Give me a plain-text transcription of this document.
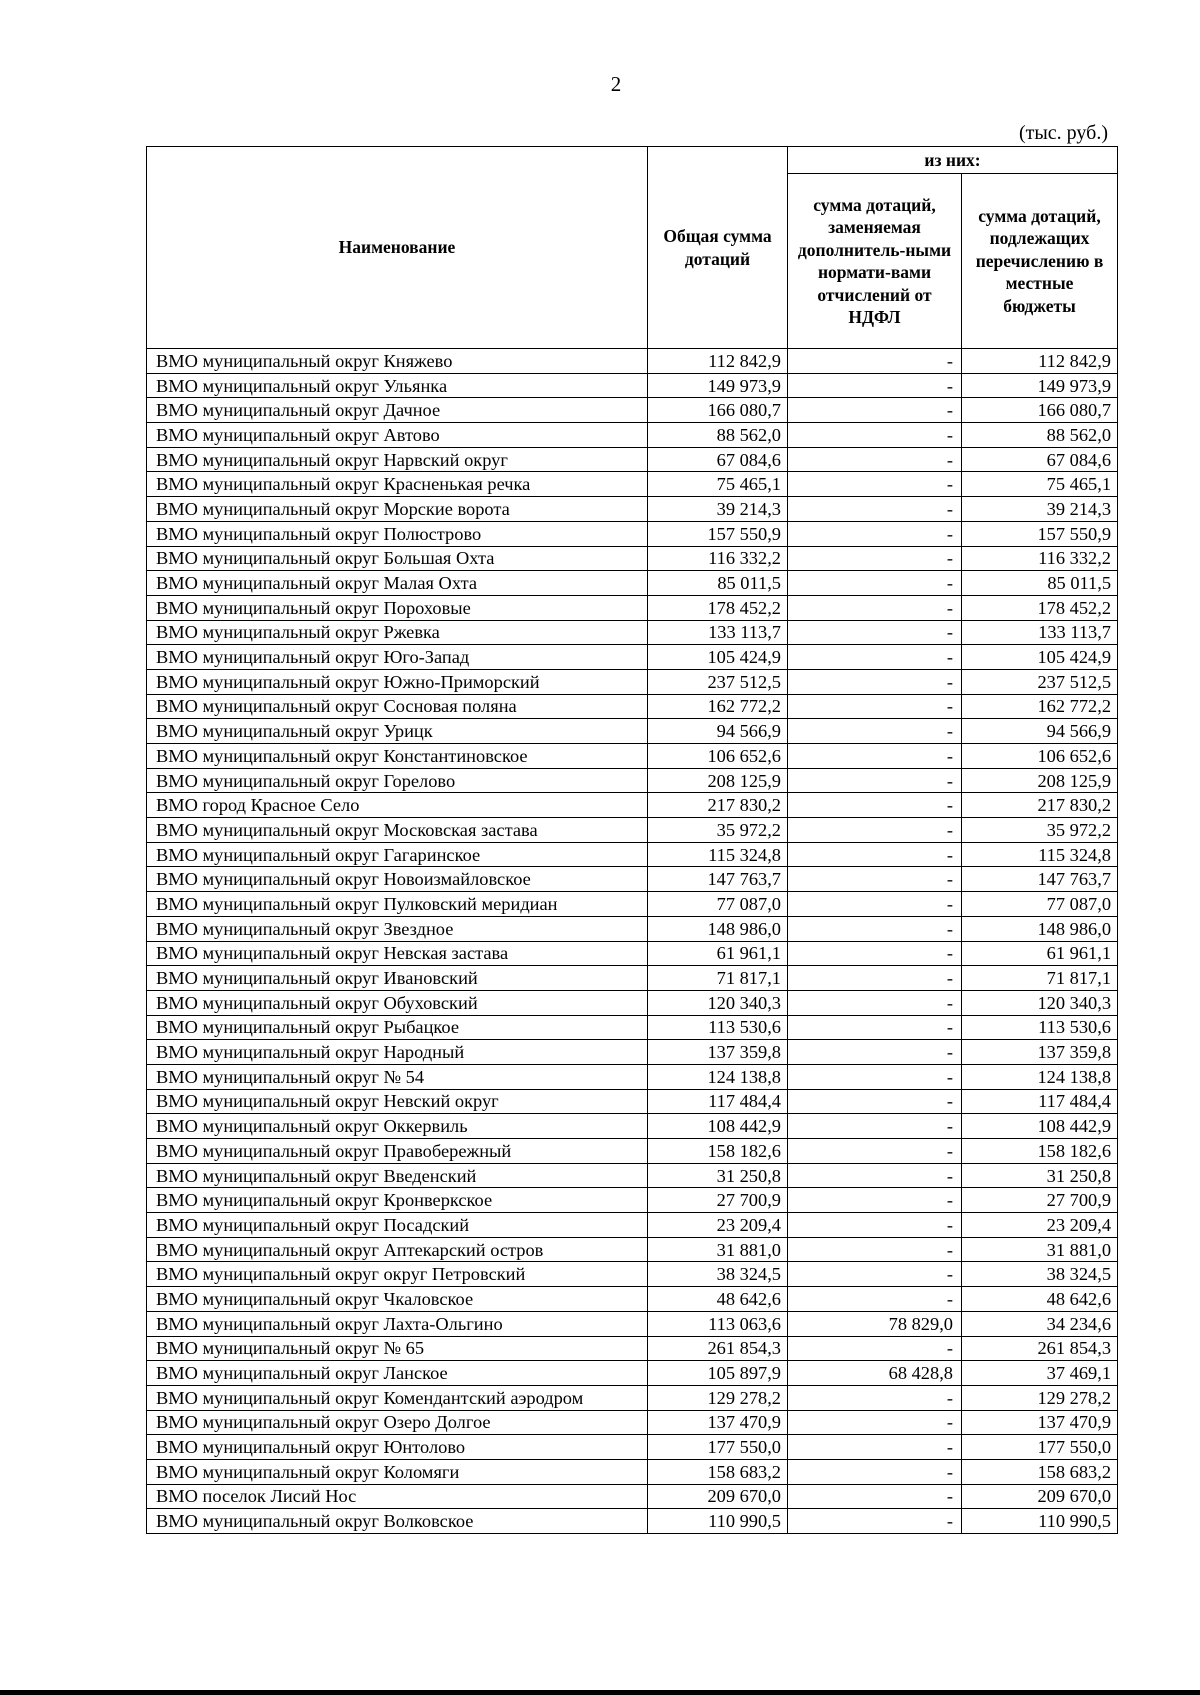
2
(тыс. руб.)
Наименование	Общая сумма дотаций	из них:	
		сумма дотаций, заменяемая дополнитель-ными нормати-вами отчислений от НДФЛ	сумма дотаций, подлежащих перечислению в местные бюджеты
ВМО муниципальный округ Княжево	112 842,9	-	112 842,9
ВМО муниципальный округ Ульянка	149 973,9	-	149 973,9
ВМО муниципальный округ Дачное	166 080,7	-	166 080,7
ВМО муниципальный округ Автово	88 562,0	-	88 562,0
ВМО муниципальный округ Нарвский округ	67 084,6	-	67 084,6
ВМО муниципальный округ Красненькая речка	75 465,1	-	75 465,1
ВМО муниципальный округ Морские ворота	39 214,3	-	39 214,3
ВМО муниципальный округ Полюстрово	157 550,9	-	157 550,9
ВМО муниципальный округ Большая Охта	116 332,2	-	116 332,2
ВМО муниципальный округ Малая Охта	85 011,5	-	85 011,5
ВМО муниципальный округ Пороховые	178 452,2	-	178 452,2
ВМО муниципальный округ Ржевка	133 113,7	-	133 113,7
ВМО муниципальный округ Юго-Запад	105 424,9	-	105 424,9
ВМО муниципальный округ Южно-Приморский	237 512,5	-	237 512,5
ВМО муниципальный округ Сосновая поляна	162 772,2	-	162 772,2
ВМО муниципальный округ Урицк	94 566,9	-	94 566,9
ВМО муниципальный округ Константиновское	106 652,6	-	106 652,6
ВМО муниципальный округ Горелово	208 125,9	-	208 125,9
ВМО город Красное Село	217 830,2	-	217 830,2
ВМО муниципальный округ Московская застава	35 972,2	-	35 972,2
ВМО муниципальный округ Гагаринское	115 324,8	-	115 324,8
ВМО муниципальный округ Новоизмайловское	147 763,7	-	147 763,7
ВМО муниципальный округ Пулковский меридиан	77 087,0	-	77 087,0
ВМО муниципальный округ Звездное	148 986,0	-	148 986,0
ВМО муниципальный округ Невская застава	61 961,1	-	61 961,1
ВМО муниципальный округ Ивановский	71 817,1	-	71 817,1
ВМО муниципальный округ Обуховский	120 340,3	-	120 340,3
ВМО муниципальный округ Рыбацкое	113 530,6	-	113 530,6
ВМО муниципальный округ Народный	137 359,8	-	137 359,8
ВМО муниципальный округ № 54	124 138,8	-	124 138,8
ВМО муниципальный округ Невский округ	117 484,4	-	117 484,4
ВМО муниципальный округ Оккервиль	108 442,9	-	108 442,9
ВМО муниципальный округ Правобережный	158 182,6	-	158 182,6
ВМО муниципальный округ Введенский	31 250,8	-	31 250,8
ВМО муниципальный округ Кронверкское	27 700,9	-	27 700,9
ВМО муниципальный округ Посадский	23 209,4	-	23 209,4
ВМО муниципальный округ Аптекарский остров	31 881,0	-	31 881,0
ВМО муниципальный округ округ Петровский	38 324,5	-	38 324,5
ВМО муниципальный округ Чкаловское	48 642,6	-	48 642,6
ВМО муниципальный округ Лахта-Ольгино	113 063,6	78 829,0	34 234,6
ВМО муниципальный округ № 65	261 854,3	-	261 854,3
ВМО муниципальный округ Ланское	105 897,9	68 428,8	37 469,1
ВМО муниципальный округ Комендантский аэродром	129 278,2	-	129 278,2
ВМО муниципальный округ Озеро Долгое	137 470,9	-	137 470,9
ВМО муниципальный округ Юнтолово	177 550,0	-	177 550,0
ВМО муниципальный округ Коломяги	158 683,2	-	158 683,2
ВМО поселок Лисий Нос	209 670,0	-	209 670,0
ВМО муниципальный округ Волковское	110 990,5	-	110 990,5
